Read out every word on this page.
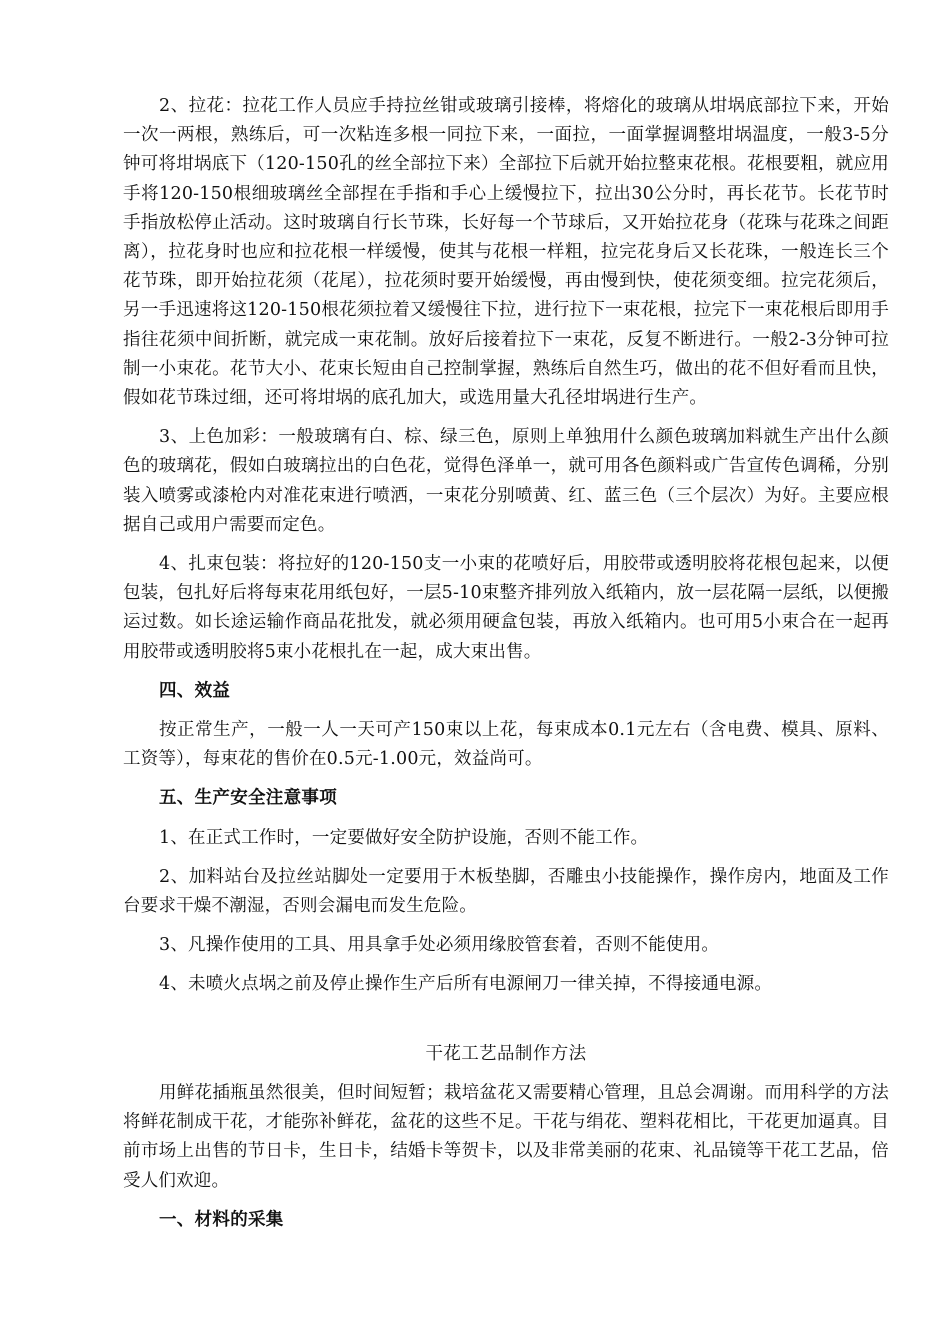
2、拉花：拉花工作人员应手持拉丝钳或玻璃引接棒，将熔化的玻璃从坩埚底部拉下来，开始一次一两根，熟练后，可一次粘连多根一同拉下来，一面拉，一面掌握调整坩埚温度，一般3-5分钟可将坩埚底下（120-150孔的丝全部拉下来）全部拉下后就开始拉整束花根。花根要粗，就应用手将120-150根细玻璃丝全部捏在手指和手心上缓慢拉下，拉出30公分时，再长花节。长花节时手指放松停止活动。这时玻璃自行长节珠，长好每一个节球后，又开始拉花身（花珠与花珠之间距离），拉花身时也应和拉花根一样缓慢，使其与花根一样粗，拉完花身后又长花珠，一般连长三个花节珠，即开始拉花须（花尾），拉花须时要开始缓慢，再由慢到快，使花须变细。拉完花须后，另一手迅速将这120-150根花须拉着又缓慢往下拉，进行拉下一束花根，拉完下一束花根后即用手指往花须中间折断，就完成一束花制。放好后接着拉下一束花，反复不断进行。一般2-3分钟可拉制一小束花。花节大小、花束长短由自己控制掌握，熟练后自然生巧，做出的花不但好看而且快，假如花节珠过细，还可将坩埚的底孔加大，或选用量大孔径坩埚进行生产。

3、上色加彩：一般玻璃有白、棕、绿三色，原则上单独用什么颜色玻璃加料就生产出什么颜色的玻璃花，假如白玻璃拉出的白色花，觉得色泽单一，就可用各色颜料或广告宣传色调稀，分别装入喷雾或漆枪内对准花束进行喷洒，一束花分别喷黄、红、蓝三色（三个层次）为好。主要应根据自己或用户需要而定色。

4、扎束包装：将拉好的120-150支一小束的花喷好后，用胶带或透明胶将花根包起来，以便包装，包扎好后将每束花用纸包好，一层5-10束整齐排列放入纸箱内，放一层花隔一层纸，以便搬运过数。如长途运输作商品花批发，就必须用硬盒包装，再放入纸箱内。也可用5小束合在一起再用胶带或透明胶将5束小花根扎在一起，成大束出售。

四、效益

按正常生产，一般一人一天可产150束以上花，每束成本0.1元左右（含电费、模具、原料、工资等），每束花的售价在0.5元-1.00元，效益尚可。

五、生产安全注意事项

1、在正式工作时，一定要做好安全防护设施，否则不能工作。

2、加料站台及拉丝站脚处一定要用于木板垫脚，否雕虫小技能操作，操作房内，地面及工作台要求干燥不潮湿，否则会漏电而发生危险。

3、凡操作使用的工具、用具拿手处必须用缘胶管套着，否则不能使用。

4、未喷火点埚之前及停止操作生产后所有电源闸刀一律关掉，不得接通电源。

干花工艺品制作方法

用鲜花插瓶虽然很美，但时间短暂；栽培盆花又需要精心管理，且总会凋谢。而用科学的方法将鲜花制成干花，才能弥补鲜花，盆花的这些不足。干花与绢花、塑料花相比，干花更加逼真。目前市场上出售的节日卡，生日卡，结婚卡等贺卡，以及非常美丽的花束、礼品镜等干花工艺品，倍受人们欢迎。

一、材料的采集
